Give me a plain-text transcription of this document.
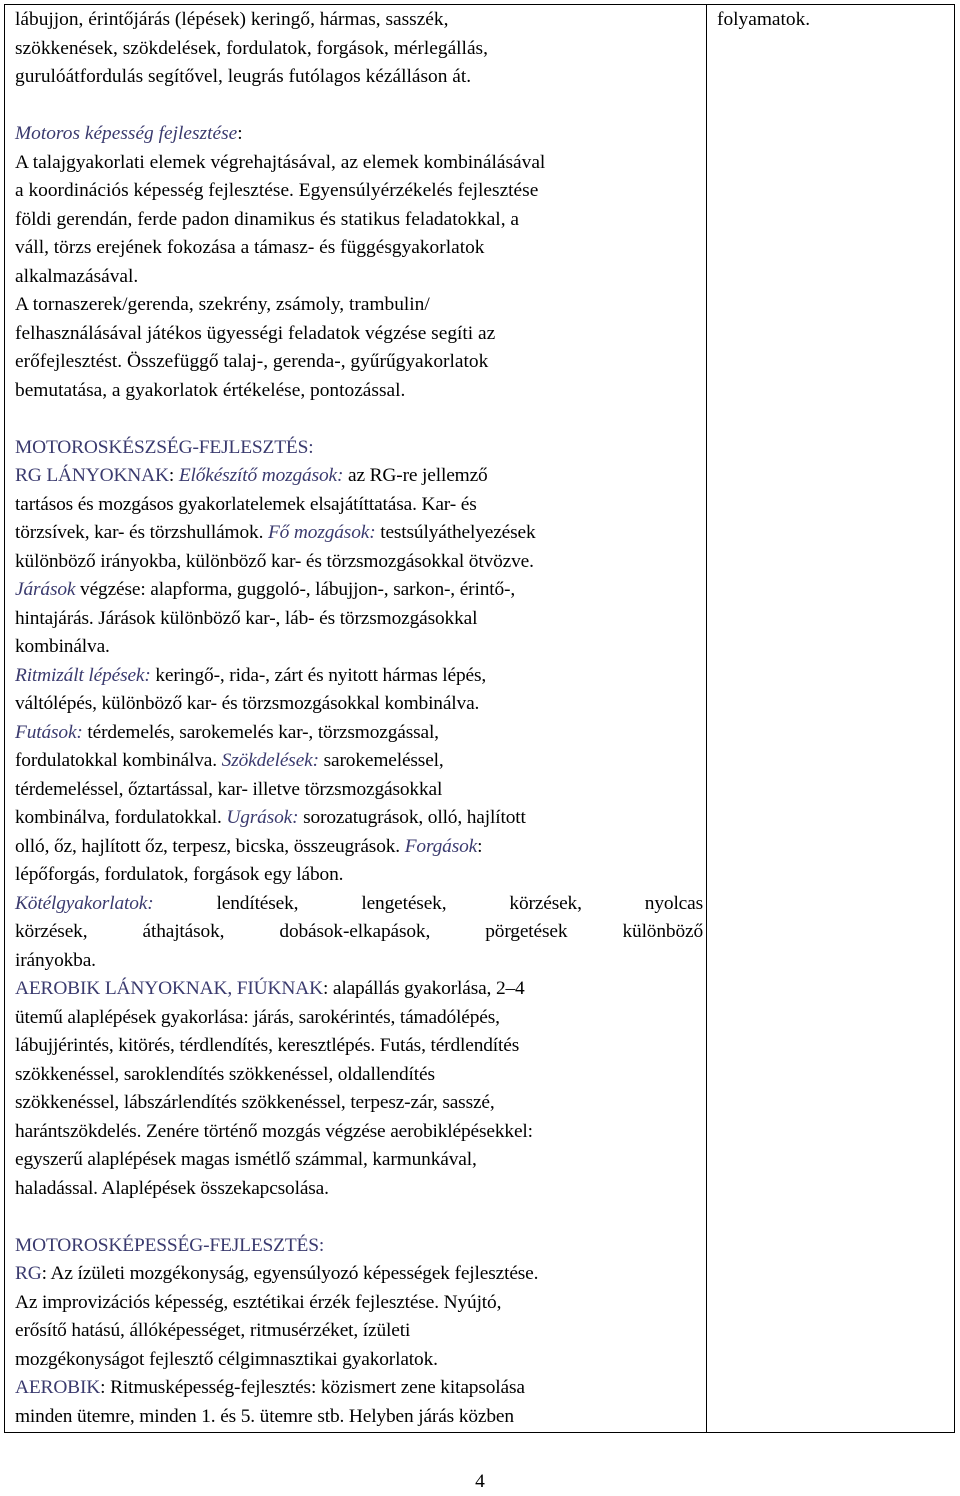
folyamatok.
lábujjon, érintőjárás (lépések) keringő, hármas, sasszék,
szökkenések, szökdelések, fordulatok, forgások, mérlegállás,
gurulóátfordulás segítővel, leugrás futólagos kézálláson át.
Motoros képesség fejlesztése:
A talajgyakorlati elemek végrehajtásával, az elemek kombinálásával
a koordinációs képesség fejlesztése. Egyensúlyérzékelés fejlesztése
földi gerendán, ferde padon dinamikus és statikus feladatokkal, a
váll, törzs erejének fokozása a támasz- és függésgyakorlatok
alkalmazásával.
A tornaszerek/gerenda, szekrény, zsámoly, trambulin/
felhasználásával játékos ügyességi feladatok végzése segíti az
erőfejlesztést. Összefüggő talaj-, gerenda-, gyűrűgyakorlatok
bemutatása, a gyakorlatok értékelése, pontozással.
MOTOROSKÉSZSÉG-FEJLESZTÉS:
RG LÁNYOKNAK: Előkészítő mozgások: az RG-re jellemző
tartásos és mozgásos gyakorlatelemek elsajátíttatása. Kar- és
törzsívek, kar- és törzshullámok. Fő mozgások: testsúlyáthelyezések
különböző irányokba, különböző kar- és törzsmozgásokkal ötvözve.
Járások végzése: alapforma, guggoló-, lábujjon-, sarkon-, érintő-,
hintajárás. Járások különböző kar-, láb- és törzsmozgásokkal
kombinálva.
Ritmizált lépések: keringő-, rida-, zárt és nyitott hármas lépés,
váltólépés, különböző kar- és törzsmozgásokkal kombinálva.
Futások: térdemelés, sarokemelés kar-, törzsmozgással,
fordulatokkal kombinálva. Szökdelések: sarokemeléssel,
térdemeléssel, őztartással, kar- illetve törzsmozgásokkal
kombinálva, fordulatokkal. Ugrások: sorozatugrások, olló, hajlított
olló, őz, hajlított őz, terpesz, bicska, összeugrások. Forgások:
lépőforgás, fordulatok, forgások egy lábon.
Kötélgyakorlatok: lendítések, lengetések, körzések, nyolcas
körzések, áthajtások, dobások-elkapások, pörgetések különböző
irányokba.
AEROBIK LÁNYOKNAK, FIÚKNAK: alapállás gyakorlása, 2‒4
ütemű alaplépések gyakorlása: járás, sarokérintés, támadólépés,
lábujjérintés, kitörés, térdlendítés, keresztlépés. Futás, térdlendítés
szökkenéssel, saroklendítés szökkenéssel, oldallendítés
szökkenéssel, lábszárlendítés szökkenéssel, terpesz-zár, sasszé,
harántszökdelés. Zenére történő mozgás végzése aerobiklépésekkel:
egyszerű alaplépések magas ismétlő számmal, karmunkával,
haladással. Alaplépések összekapcsolása.
MOTOROSKÉPESSÉG-FEJLESZTÉS:
RG: Az ízületi mozgékonyság, egyensúlyozó képességek fejlesztése.
Az improvizációs képesség, esztétikai érzék fejlesztése. Nyújtó,
erősítő hatású, állóképességet, ritmusérzéket, ízületi
mozgékonyságot fejlesztő célgimnasztikai gyakorlatok.
AEROBIK: Ritmusképesség-fejlesztés: közismert zene kitapsolása
minden ütemre, minden 1. és 5. ütemre stb. Helyben járás közben
4
